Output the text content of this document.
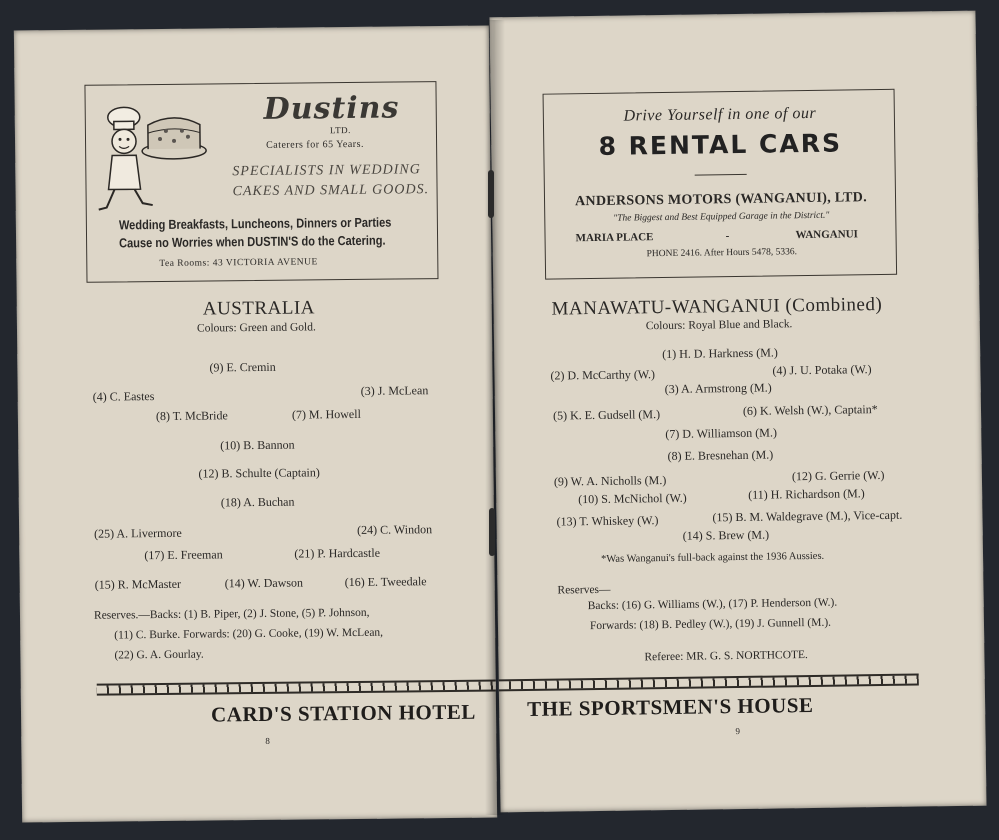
Dustins
LTD.
Caterers for 65 Years.
SPECIALISTS IN WEDDING
CAKES AND SMALL GOODS.
Wedding Breakfasts, Luncheons, Dinners or Parties
Cause no Worries when DUSTIN'S do the Catering.
Tea Rooms: 43 VICTORIA AVENUE
AUSTRALIA
Colours: Green and Gold.
(9) E. Cremin
(4) C. Eastes	(3) J. McLean
(8) T. McBride	(7) M. Howell
(10) B. Bannon
(12) B. Schulte (Captain)
(18) A. Buchan
(25) A. Livermore	(24) C. Windon
(17) E. Freeman	(21) P. Hardcastle
(15) R. McMaster	(14) W. Dawson	(16) E. Tweedale
Reserves.—Backs: (1) B. Piper, (2) J. Stone, (5) P. Johnson,
(11) C. Burke. Forwards: (20) G. Cooke, (19) W. McLean,
(22) G. A. Gourlay.
CARD'S STATION HOTEL
8
Drive Yourself in one of our
8 RENTAL CARS
ANDERSONS MOTORS (WANGANUI), LTD.
"The Biggest and Best Equipped Garage in the District."
MARIA PLACE	-	WANGANUI
PHONE 2416. After Hours 5478, 5336.
MANAWATU-WANGANUI (Combined)
Colours: Royal Blue and Black.
(1) H. D. Harkness (M.)
(2) D. McCarthy (W.)	(4) J. U. Potaka (W.)
(3) A. Armstrong (M.)
(5) K. E. Gudsell (M.)	(6) K. Welsh (W.), Captain*
(7) D. Williamson (M.)
(8) E. Bresnehan (M.)
(9) W. A. Nicholls (M.)	(12) G. Gerrie (W.)
(10) S. McNichol (W.)	(11) H. Richardson (M.)
(13) T. Whiskey (W.)	(15) B. M. Waldegrave (M.), Vice-capt.
(14) S. Brew (M.)
*Was Wanganui's full-back against the 1936 Aussies.
Reserves—
Backs: (16) G. Williams (W.), (17) P. Henderson (W.).
Forwards: (18) B. Pedley (W.), (19) J. Gunnell (M.).
Referee: MR. G. S. NORTHCOTE.
THE SPORTSMEN'S HOUSE
9
